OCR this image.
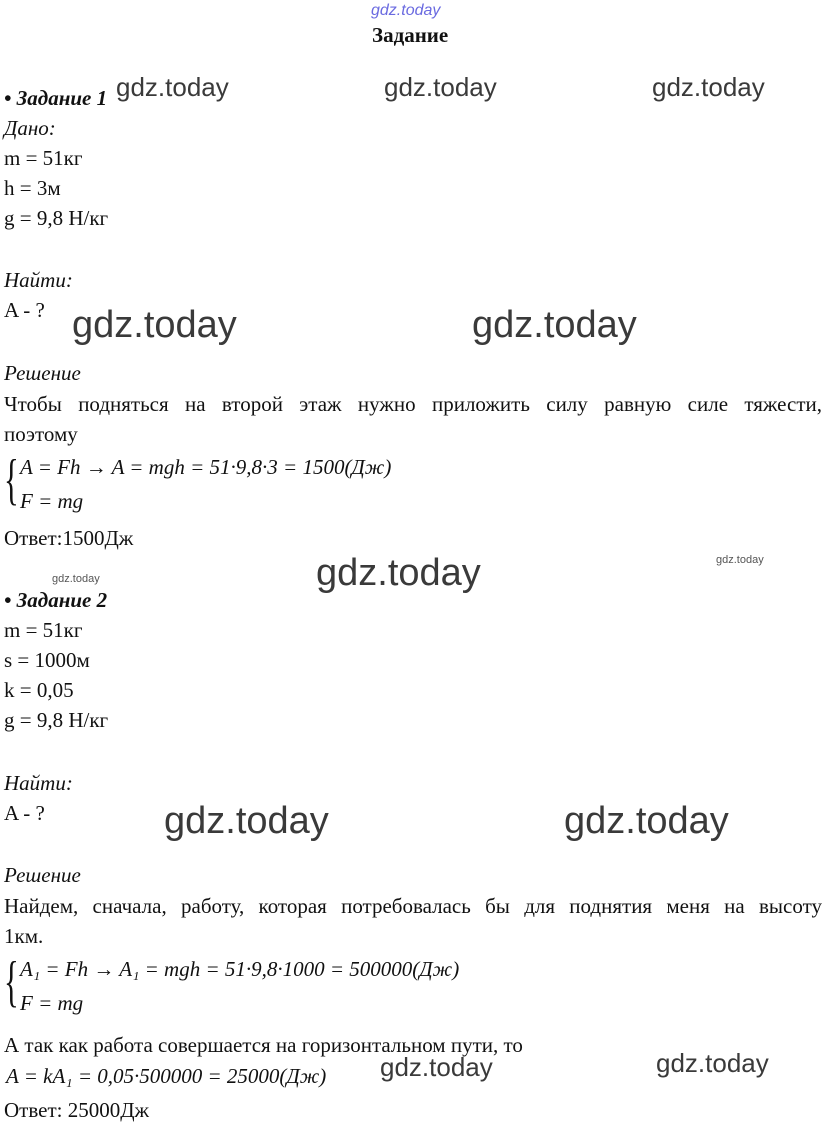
gdz.today
Задание
• Задание 1
Дано:
m = 51кг
h = 3м
g = 9,8 Н/кг
Найти:
A - ?
Решение
Чтобы подняться на второй этаж нужно приложить силу равную силе тяжести,
поэтому
{ A = Fh → A = mgh = 51·9,8·3 = 1500(Дж)
F = mg
Ответ:1500Дж
• Задание 2
m = 51кг
s = 1000м
k = 0,05
g = 9,8 Н/кг
Найти:
A - ?
Решение
Найдем, сначала, работу, которая потребовалась бы для поднятия меня на высоту
1км.
{ A₁ = Fh → A₁ = mgh = 51·9,8·1000 = 500000(Дж)
F = mg
А так как работа совершается на горизонтальном пути, то
A = kA₁ = 0,05·500000 = 25000(Дж)
Ответ: 25000Дж
gdz.today	gdz.today	gdz.today
gdz.today	gdz.today
gdz.today
gdz.today
gdz.today
gdz.today	gdz.today
gdz.today
gdz.today
